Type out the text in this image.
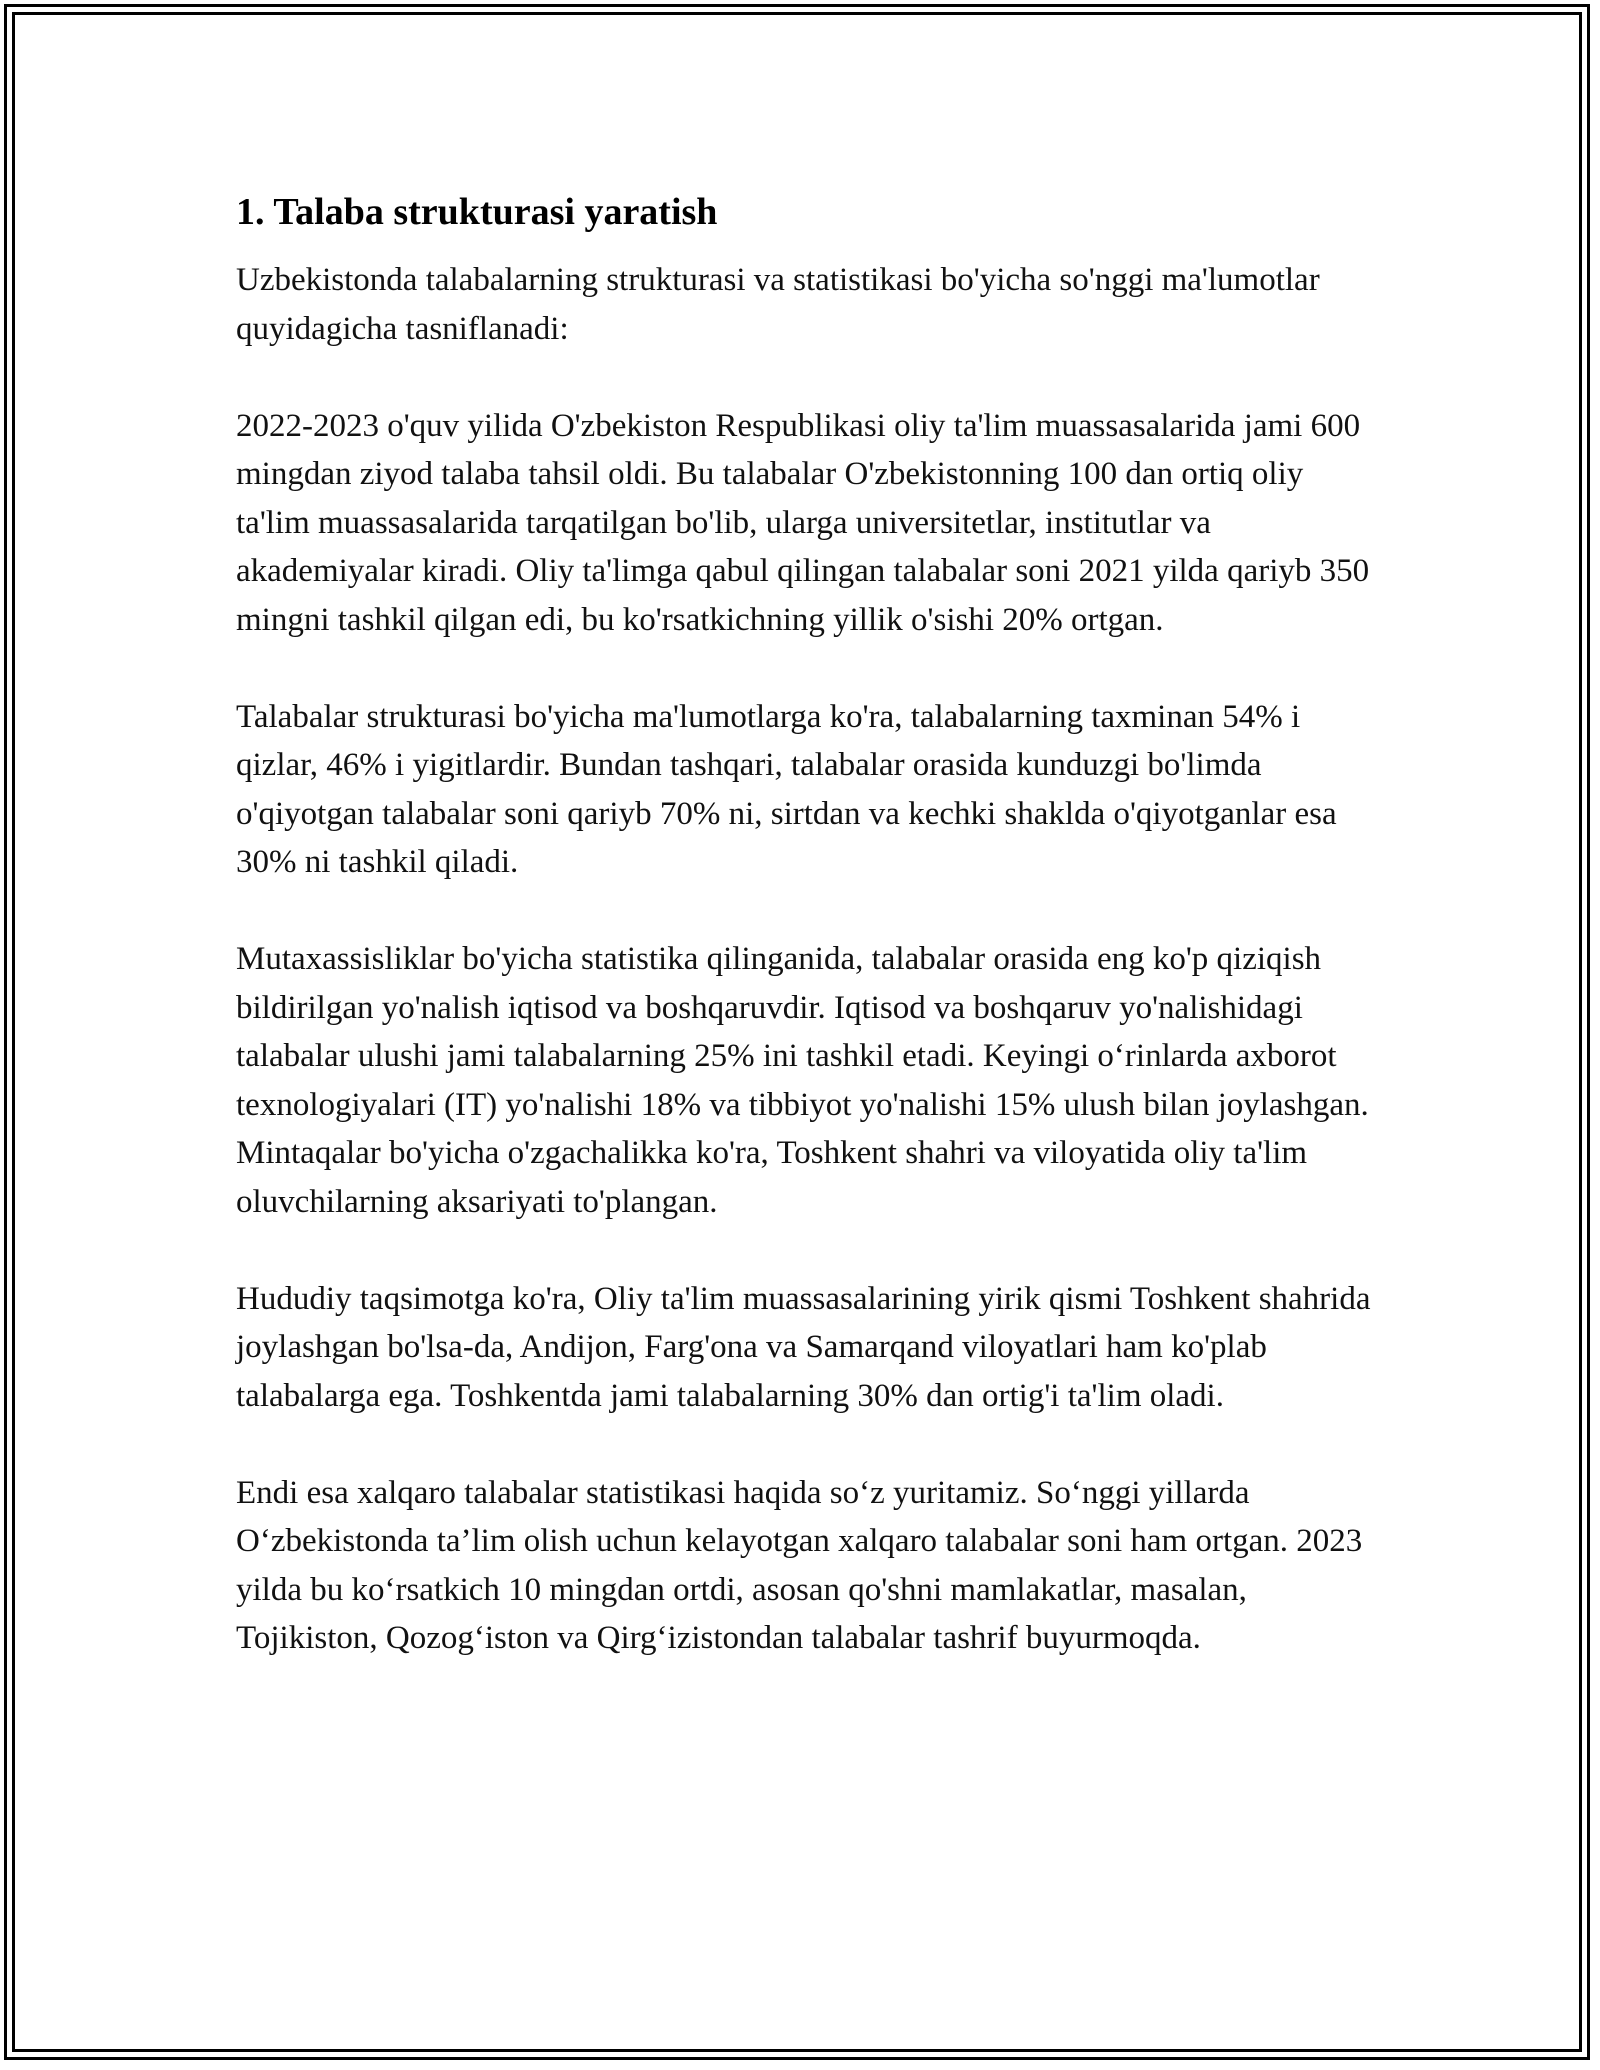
1. Talaba strukturasi yaratish

Uzbekistonda talabalarning strukturasi va statistikasi bo'yicha so'nggi ma'lumotlar quyidagicha tasniflanadi:

2022-2023 o'quv yilida O'zbekiston Respublikasi oliy ta'lim muassasalarida jami 600 mingdan ziyod talaba tahsil oldi. Bu talabalar O'zbekistonning 100 dan ortiq oliy ta'lim muassasalarida tarqatilgan bo'lib, ularga universitetlar, institutlar va akademiyalar kiradi. Oliy ta'limga qabul qilingan talabalar soni 2021 yilda qariyb 350 mingni tashkil qilgan edi, bu ko'rsatkichning yillik o'sishi 20% ortgan.

Talabalar strukturasi bo'yicha ma'lumotlarga ko'ra, talabalarning taxminan 54% i qizlar, 46% i yigitlardir. Bundan tashqari, talabalar orasida kunduzgi bo'limda o'qiyotgan talabalar soni qariyb 70% ni, sirtdan va kechki shaklda o'qiyotganlar esa 30% ni tashkil qiladi.

Mutaxassisliklar bo'yicha statistika qilinganida, talabalar orasida eng ko'p qiziqish bildirilgan yo'nalish iqtisod va boshqaruvdir. Iqtisod va boshqaruv yo'nalishidagi talabalar ulushi jami talabalarning 25% ini tashkil etadi. Keyingi o‘rinlarda axborot texnologiyalari (IT) yo'nalishi 18% va tibbiyot yo'nalishi 15% ulush bilan joylashgan. Mintaqalar bo'yicha o'zgachalikka ko'ra, Toshkent shahri va viloyatida oliy ta'lim oluvchilarning aksariyati to'plangan.

Hududiy taqsimotga ko'ra, Oliy ta'lim muassasalarining yirik qismi Toshkent shahrida joylashgan bo'lsa-da, Andijon, Farg'ona va Samarqand viloyatlari ham ko'plab talabalarga ega. Toshkentda jami talabalarning 30% dan ortig'i ta'lim oladi.

Endi esa xalqaro talabalar statistikasi haqida so‘z yuritamiz. So‘nggi yillarda O‘zbekistonda ta’lim olish uchun kelayotgan xalqaro talabalar soni ham ortgan. 2023 yilda bu ko‘rsatkich 10 mingdan ortdi, asosan qo'shni mamlakatlar, masalan, Tojikiston, Qozog‘iston va Qirg‘izistondan talabalar tashrif buyurmoqda.
